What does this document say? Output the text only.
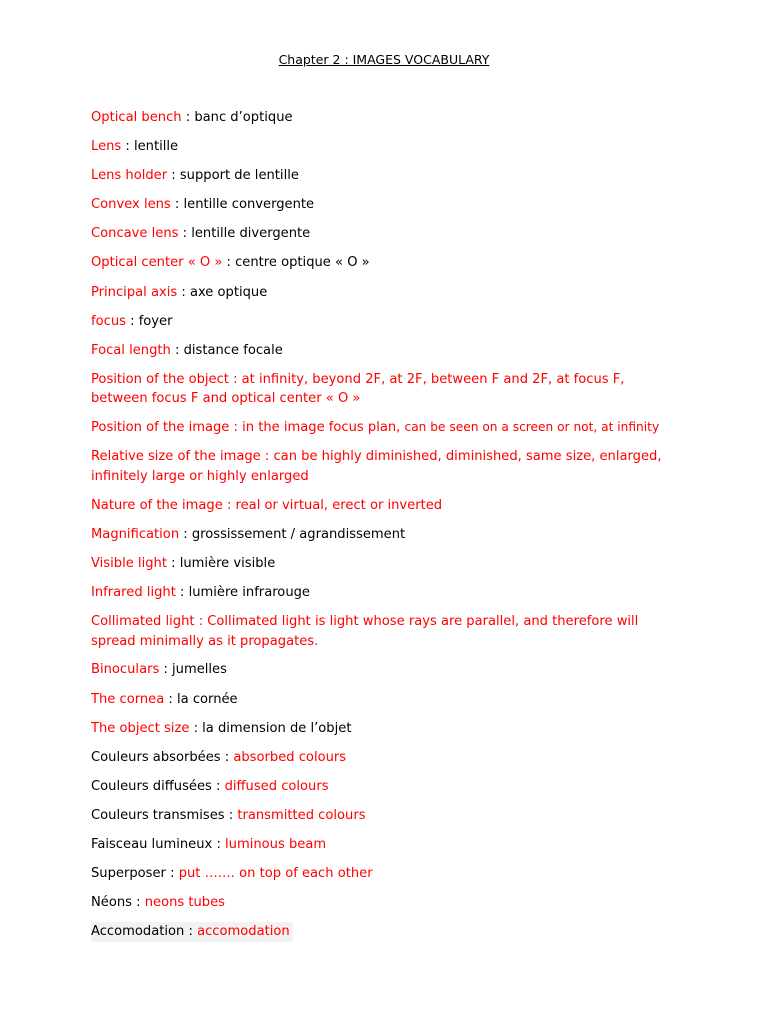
Chapter 2 : IMAGES VOCABULARY
Optical bench : banc d’optique
Lens : lentille
Lens holder : support de lentille
Convex lens : lentille convergente
Concave lens : lentille divergente
Optical center « O » : centre optique « O »
Principal axis : axe optique
focus : foyer
Focal length : distance focale
Position of the object : at infinity, beyond 2F, at 2F, between F and 2F, at focus F, between focus F and optical center « O »
Position of the image : in the image focus plan, can be seen on a screen or not, at infinity
Relative size of the image : can be highly diminished, diminished, same size, enlarged, infinitely large or highly enlarged
Nature of the image : real or virtual, erect or inverted
Magnification : grossissement / agrandissement
Visible light : lumière visible
Infrared light : lumière infrarouge
Collimated light : Collimated light is light whose rays are parallel, and therefore will spread minimally as it propagates.
Binoculars : jumelles
The cornea : la cornée
The object size : la dimension de l’objet
Couleurs absorbées : absorbed colours
Couleurs diffusées : diffused colours
Couleurs transmises : transmitted colours
Faisceau lumineux : luminous beam
Superposer : put ……. on top of each other
Néons : neons tubes
Accomodation : accomodation
